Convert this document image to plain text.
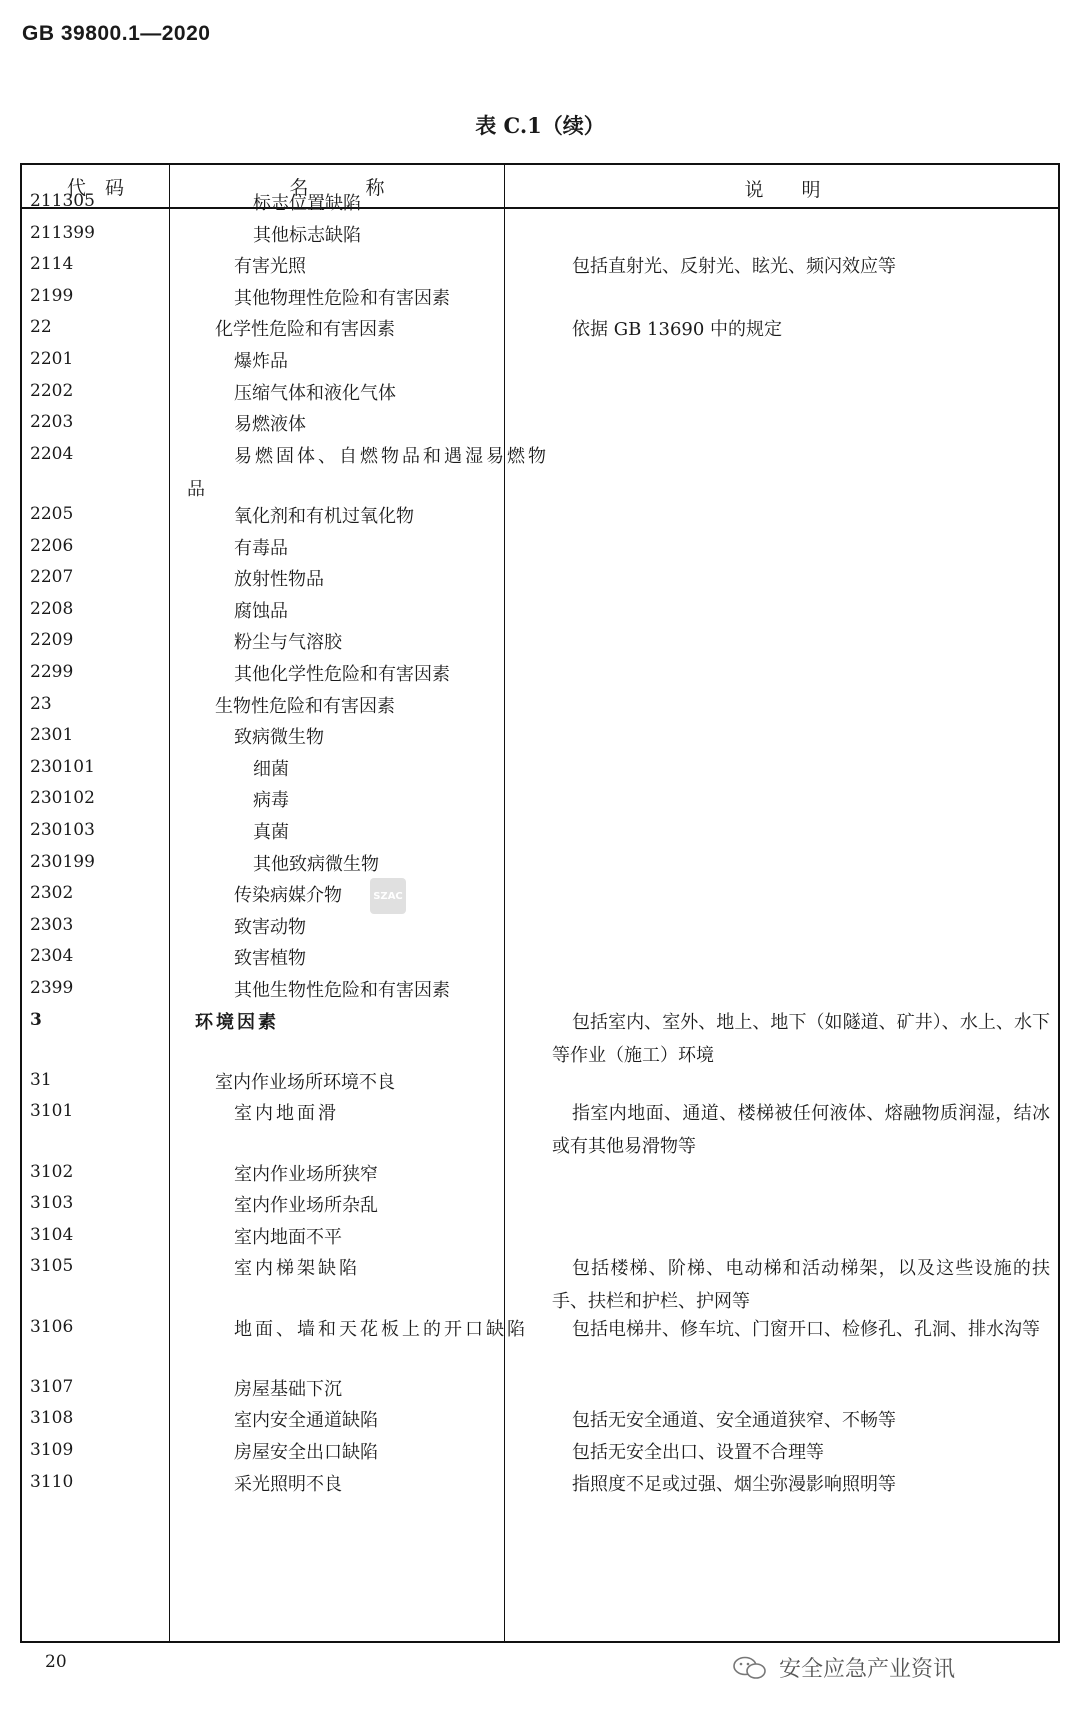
GB 39800.1—2020
表 C.1（续）
代　码	名　　　称	说　　明
211305	标志位置缺陷
211399	其他标志缺陷
2114	有害光照	包括直射光、反射光、眩光、频闪效应等
2199	其他物理性危险和有害因素
22	化学性危险和有害因素	依据 GB 13690 中的规定
2201	爆炸品
2202	压缩气体和液化气体
2203	易燃液体
2204	易燃固体、自燃物品和遇湿易燃物品
2205	氧化剂和有机过氧化物
2206	有毒品
2207	放射性物品
2208	腐蚀品
2209	粉尘与气溶胶
2299	其他化学性危险和有害因素
23	生物性危险和有害因素
2301	致病微生物
230101	细菌
230102	病毒
230103	真菌
230199	其他致病微生物
2302	传染病媒介物
2303	致害动物
2304	致害植物
2399	其他生物性危险和有害因素
3	环境因素	包括室内、室外、地上、地下（如隧道、矿井）、水上、水下等作业（施工）环境
31	室内作业场所环境不良
3101	室内地面滑	指室内地面、通道、楼梯被任何液体、熔融物质润湿，结冰或有其他易滑物等
3102	室内作业场所狭窄
3103	室内作业场所杂乱
3104	室内地面不平
3105	室内梯架缺陷	包括楼梯、阶梯、电动梯和活动梯架，以及这些设施的扶手、扶栏和护栏、护网等
3106	地面、墙和天花板上的开口缺陷	包括电梯井、修车坑、门窗开口、检修孔、孔洞、排水沟等
3107	房屋基础下沉
3108	室内安全通道缺陷	包括无安全通道、安全通道狭窄、不畅等
3109	房屋安全出口缺陷	包括无安全出口、设置不合理等
3110	采光照明不良	指照度不足或过强、烟尘弥漫影响照明等
SZAC
20	安全应急产业资讯
